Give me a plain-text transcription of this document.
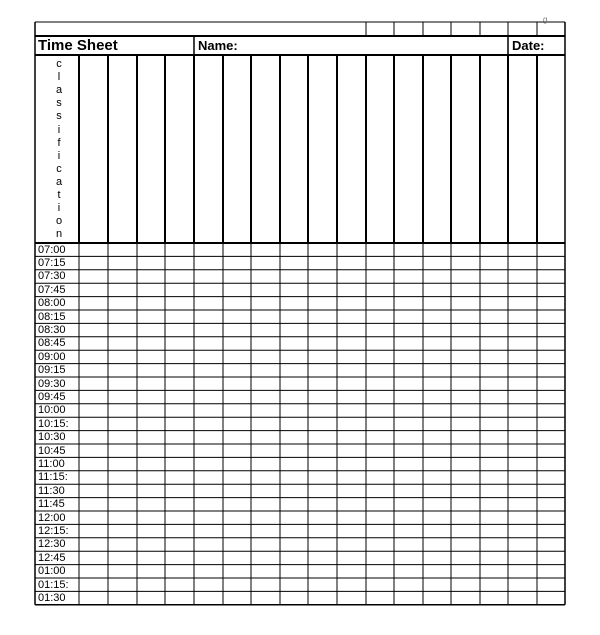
Time Sheet	Name:	Date:
g
c
l
a
s
s
i
f
i
c
a
t
i
o
n
07:00
07:15
07:30
07:45
08:00
08:15
08:30
08:45
09:00
09:15
09:30
09:45
10:00
10:15:
10:30
10:45
11:00
11:15:
11:30
11:45
12:00
12:15:
12:30
12:45
01:00
01:15:
01:30
